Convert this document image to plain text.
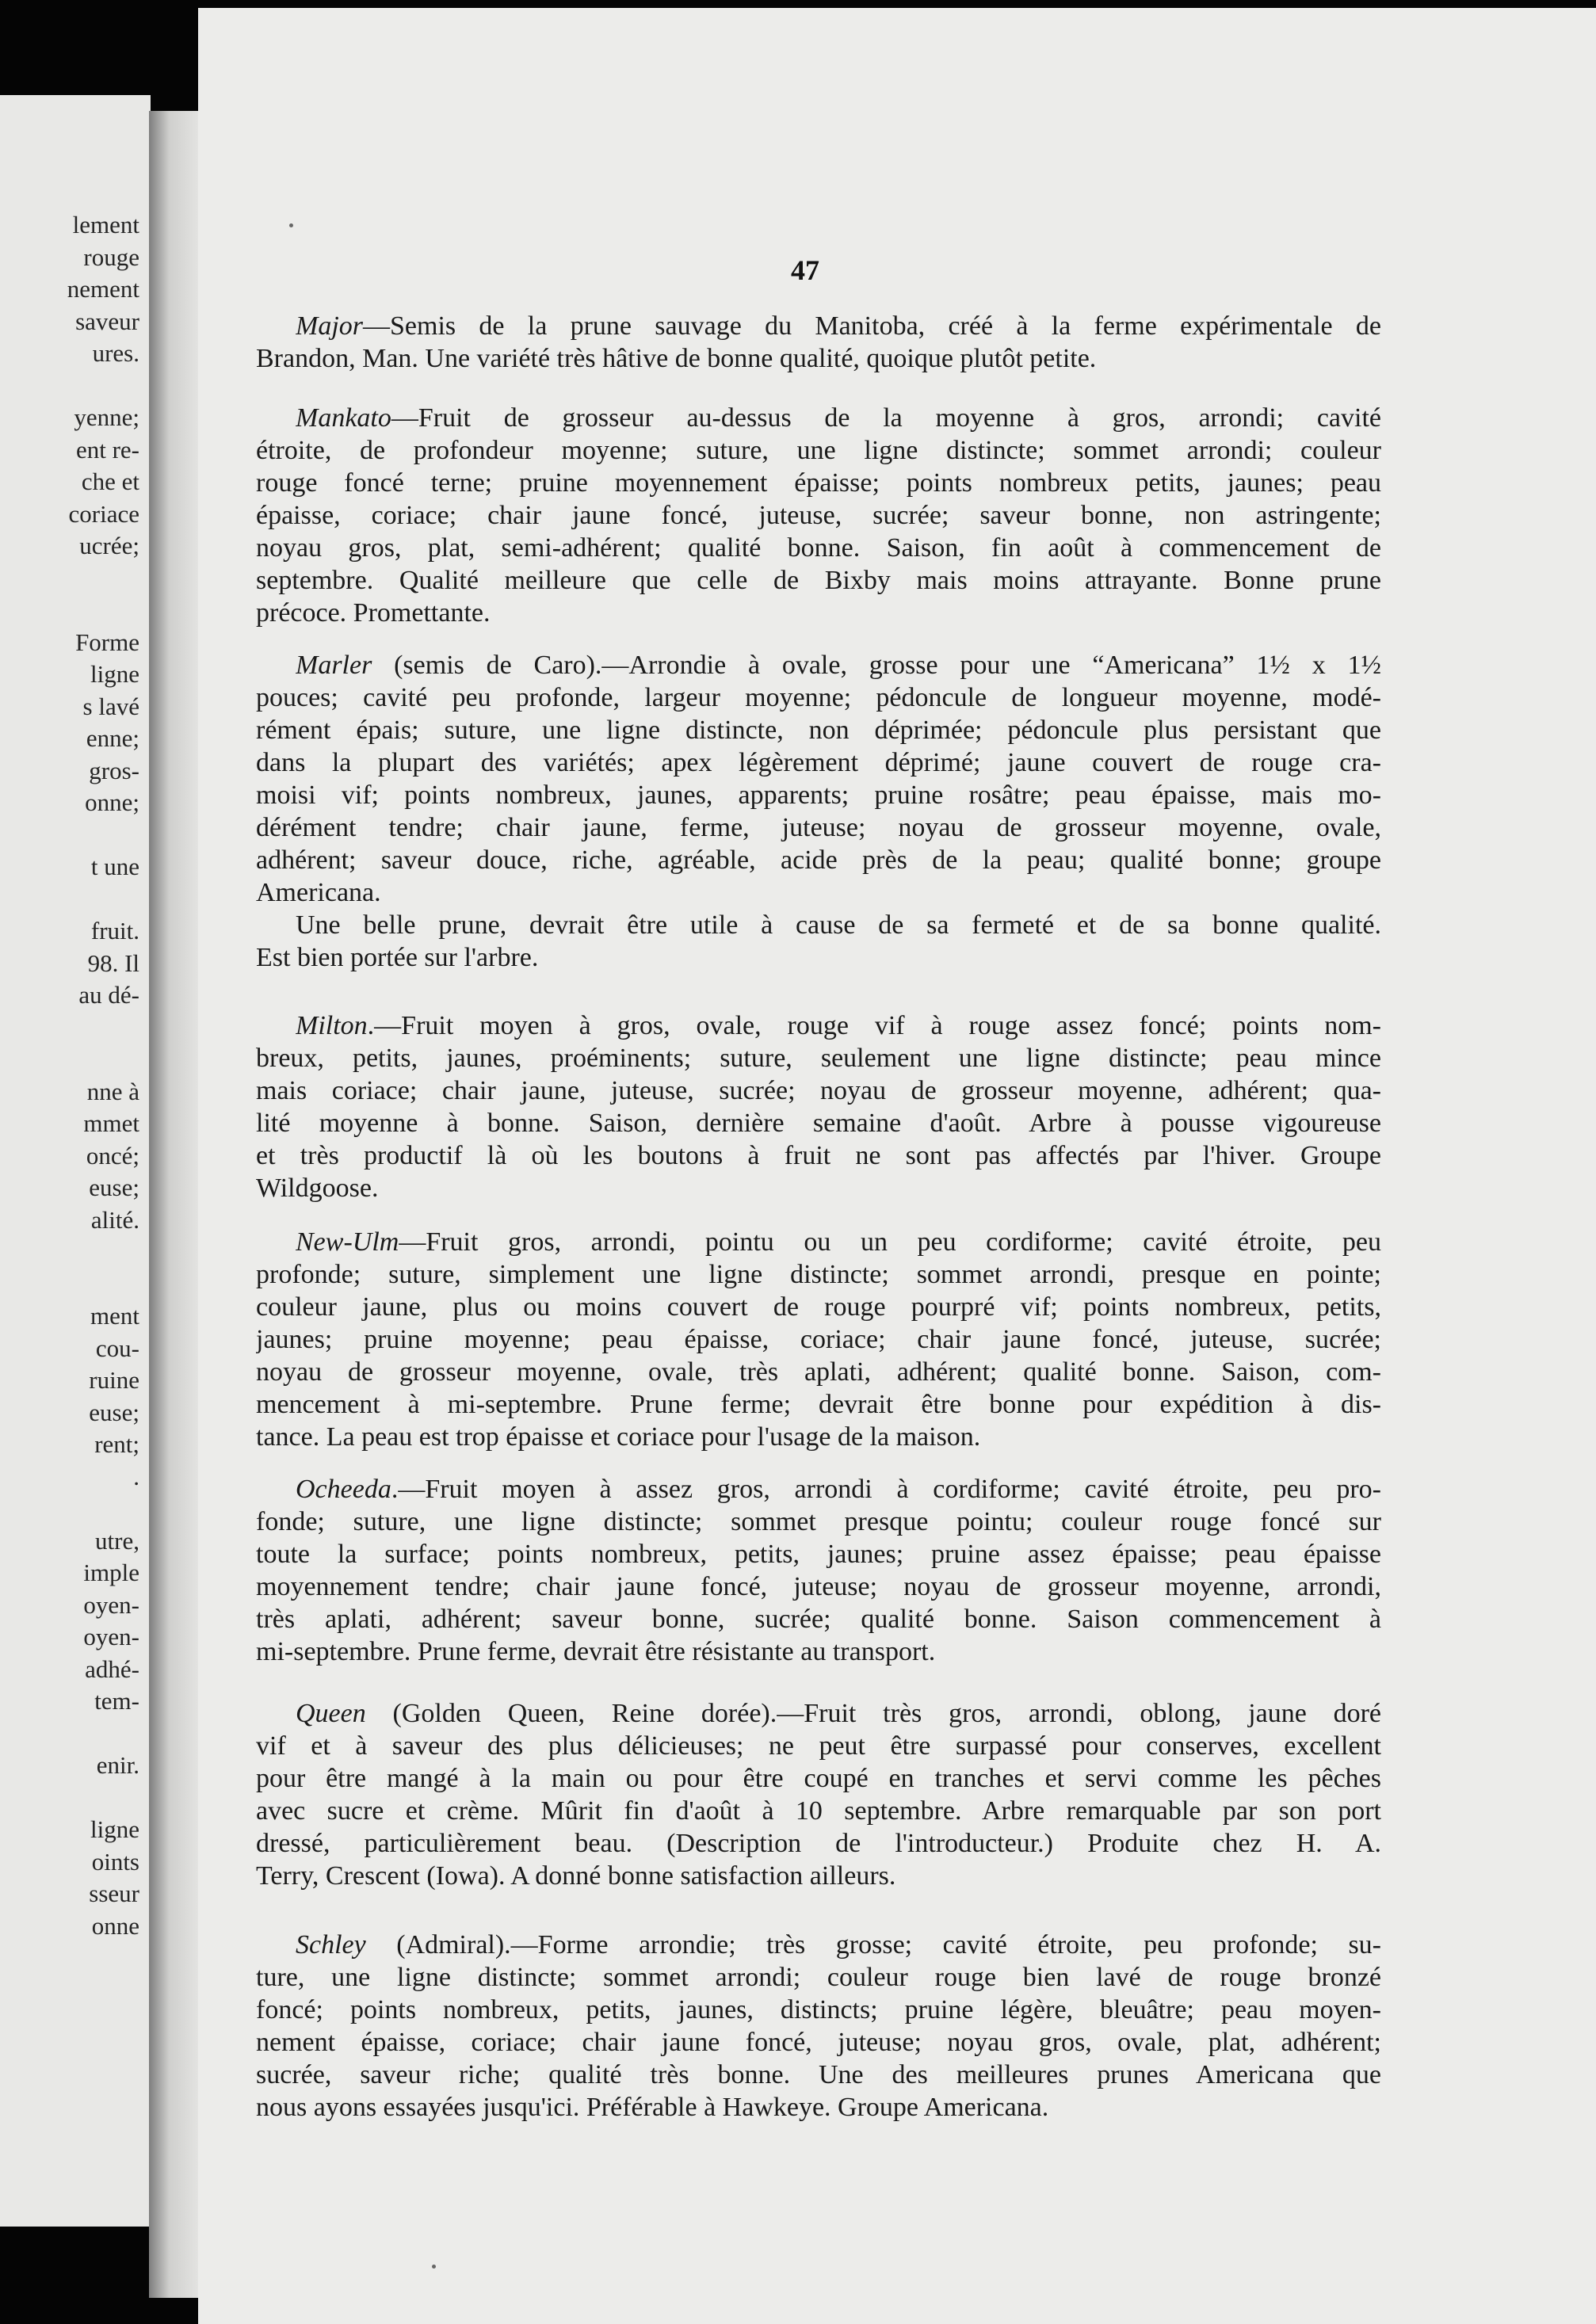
lement
rouge
nement
saveur
ures.
yenne;
ent re-
che et
coriace
ucrée;
Forme
ligne
s lavé
enne;
gros-
onne;
t une
fruit.
98. Il
au dé-
nne à
mmet
oncé;
euse;
alité.
ment
cou-
ruine
euse;
rent;
.
utre,
imple
oyen-
oyen-
adhé-
tem-
enir.
ligne
oints
sseur
onne
47
Major—Semis de la prune sauvage du Manitoba, créé à la ferme expérimentale de
Brandon, Man. Une variété très hâtive de bonne qualité, quoique plutôt petite.
Mankato—Fruit de grosseur au-dessus de la moyenne à gros, arrondi; cavité
étroite, de profondeur moyenne; suture, une ligne distincte; sommet arrondi; couleur
rouge foncé terne; pruine moyennement épaisse; points nombreux petits, jaunes; peau
épaisse, coriace; chair jaune foncé, juteuse, sucrée; saveur bonne, non astringente;
noyau gros, plat, semi-adhérent; qualité bonne. Saison, fin août à commencement de
septembre. Qualité meilleure que celle de Bixby mais moins attrayante. Bonne prune
précoce. Promettante.
Marler (semis de Caro).—Arrondie à ovale, grosse pour une “Americana” 1½ x 1½
pouces; cavité peu profonde, largeur moyenne; pédoncule de longueur moyenne, modé-
rément épais; suture, une ligne distincte, non déprimée; pédoncule plus persistant que
dans la plupart des variétés; apex légèrement déprimé; jaune couvert de rouge cra-
moisi vif; points nombreux, jaunes, apparents; pruine rosâtre; peau épaisse, mais mo-
dérément tendre; chair jaune, ferme, juteuse; noyau de grosseur moyenne, ovale,
adhérent; saveur douce, riche, agréable, acide près de la peau; qualité bonne; groupe
Americana.
Une belle prune, devrait être utile à cause de sa fermeté et de sa bonne qualité.
Est bien portée sur l'arbre.
Milton.—Fruit moyen à gros, ovale, rouge vif à rouge assez foncé; points nom-
breux, petits, jaunes, proéminents; suture, seulement une ligne distincte; peau mince
mais coriace; chair jaune, juteuse, sucrée; noyau de grosseur moyenne, adhérent; qua-
lité moyenne à bonne. Saison, dernière semaine d'août. Arbre à pousse vigoureuse
et très productif là où les boutons à fruit ne sont pas affectés par l'hiver. Groupe
Wildgoose.
New-Ulm—Fruit gros, arrondi, pointu ou un peu cordiforme; cavité étroite, peu
profonde; suture, simplement une ligne distincte; sommet arrondi, presque en pointe;
couleur jaune, plus ou moins couvert de rouge pourpré vif; points nombreux, petits,
jaunes; pruine moyenne; peau épaisse, coriace; chair jaune foncé, juteuse, sucrée;
noyau de grosseur moyenne, ovale, très aplati, adhérent; qualité bonne. Saison, com-
mencement à mi-septembre. Prune ferme; devrait être bonne pour expédition à dis-
tance. La peau est trop épaisse et coriace pour l'usage de la maison.
Ocheeda.—Fruit moyen à assez gros, arrondi à cordiforme; cavité étroite, peu pro-
fonde; suture, une ligne distincte; sommet presque pointu; couleur rouge foncé sur
toute la surface; points nombreux, petits, jaunes; pruine assez épaisse; peau épaisse
moyennement tendre; chair jaune foncé, juteuse; noyau de grosseur moyenne, arrondi,
très aplati, adhérent; saveur bonne, sucrée; qualité bonne. Saison commencement à
mi-septembre. Prune ferme, devrait être résistante au transport.
Queen (Golden Queen, Reine dorée).—Fruit très gros, arrondi, oblong, jaune doré
vif et à saveur des plus délicieuses; ne peut être surpassé pour conserves, excellent
pour être mangé à la main ou pour être coupé en tranches et servi comme les pêches
avec sucre et crème. Mûrit fin d'août à 10 septembre. Arbre remarquable par son port
dressé, particulièrement beau. (Description de l'introducteur.) Produite chez H. A.
Terry, Crescent (Iowa). A donné bonne satisfaction ailleurs.
Schley (Admiral).—Forme arrondie; très grosse; cavité étroite, peu profonde; su-
ture, une ligne distincte; sommet arrondi; couleur rouge bien lavé de rouge bronzé
foncé; points nombreux, petits, jaunes, distincts; pruine légère, bleuâtre; peau moyen-
nement épaisse, coriace; chair jaune foncé, juteuse; noyau gros, ovale, plat, adhérent;
sucrée, saveur riche; qualité très bonne. Une des meilleures prunes Americana que
nous ayons essayées jusqu'ici. Préférable à Hawkeye. Groupe Americana.
